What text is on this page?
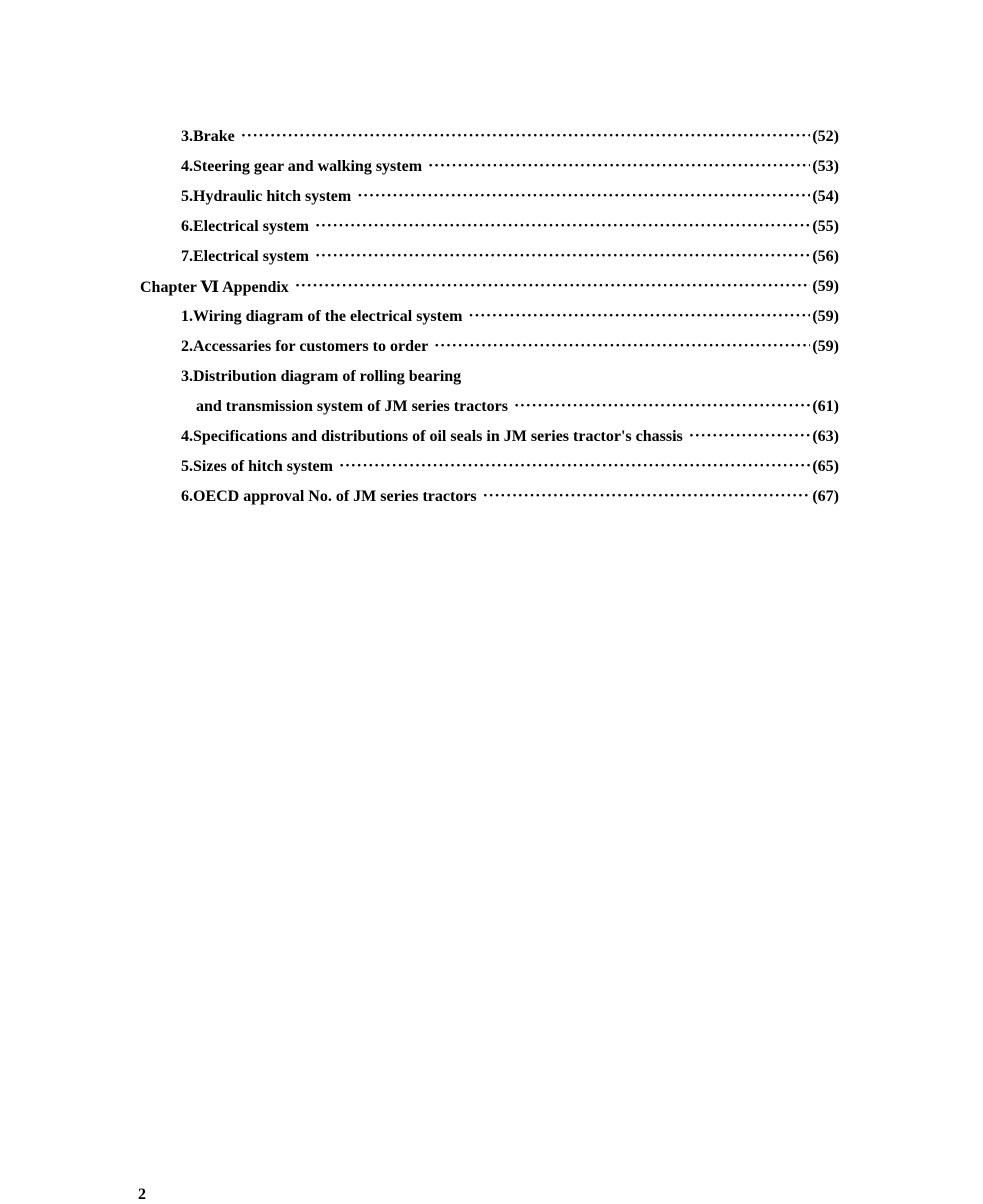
3.Brake ·····	(52)
4.Steering gear and walking system ·····	(53)
5.Hydraulic hitch system ·····	(54)
6.Electrical system ·····	(55)
7.Electrical system ·····	(56)
Chapter Ⅵ Appendix ·····	(59)
1.Wiring diagram of the electrical system ·····	(59)
2.Accessaries for customers to order ·····	(59)
3.Distribution diagram of rolling bearing
and transmission system of JM series tractors ·····	(61)
4.Specifications and distributions of oil seals in JM series tractor's chassis ·····	(63)
5.Sizes of hitch system ·····	(65)
6.OECD approval No. of JM series tractors ·····	(67)
2
